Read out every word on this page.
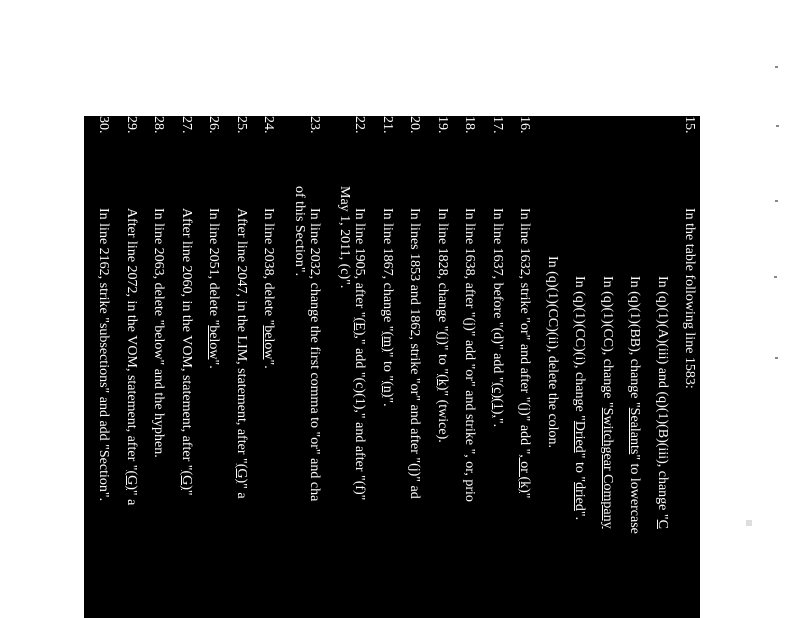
15.
In the table following line 1583:
In (q)(1)(A)(iii) and (q)(1)(B)(iii), change "C
In (q)(1)(BB), change "Sealants" to lowercase
In (q)(1)(CC), change "Switchgear Company
In (q)(1)(CC)(i), change "Dried" to "dried".
In (q)(1)(CC)(ii), delete the colon.
16.
In line 1632, strike "or" and after "(j)" add ", or (k)"
17.
In line 1637, before "(d)" add "(c)(1),".
18.
In line 1638, after "(j)" add "or" and strike ", or, prio
19.
In line 1828, change "(j)" to "(k)" (twice).
20.
In lines 1853 and 1862, strike "or" and after "(j)" ad
21.
In line 1867, change "(m)" to "(n)".
22.
In line 1905, after "(E)," add "(c)(1)," and after "(f)"
May 1, 2011, (c)".
23.
In line 2032, change the first comma to "or" and cha
of this Section".
24.
In line 2038, delete "below".
25.
After line 2047, in the LIM, statement, after "(G)" a
26.
In line 2051, delete "below".
27.
After line 2060, in the VOM, statement, after "(G)"
28.
In line 2063, delete "below" and the hyphen.
29.
After line 2072, in the VOM, statement, after "(G)" a
30.
In line 2162, strike "subsections" and add "Section".
